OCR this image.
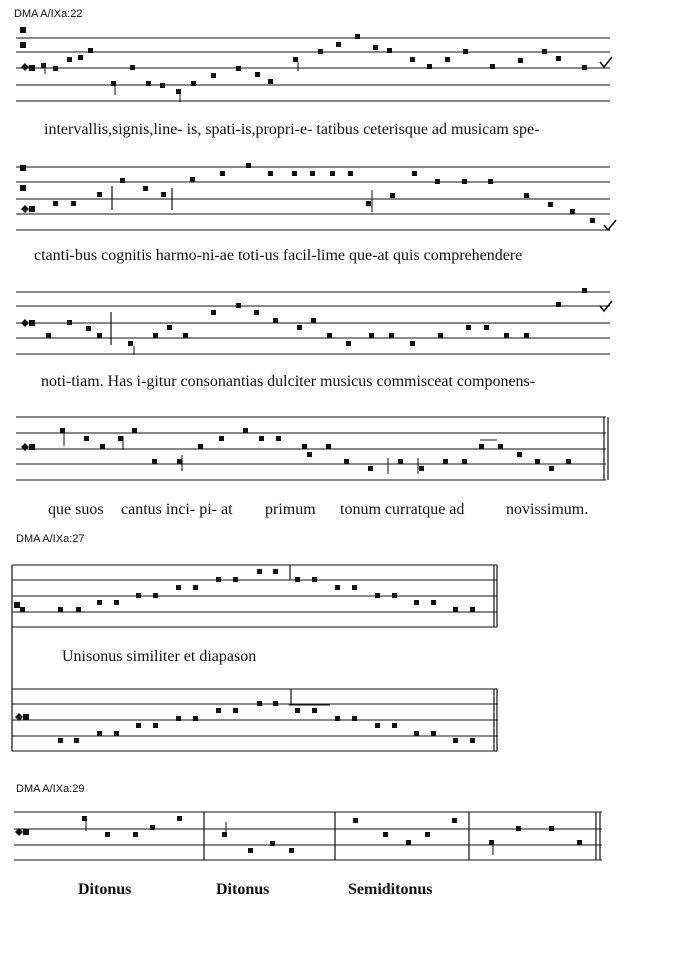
DMA A/IXa:22
DMA A/IXa:27
DMA A/IXa:29
intervallis,signis,line- is, spati-is,propri-e- tatibus ceterisque ad musicam spe-
ctanti-bus cognitis harmo-ni-ae toti-us facil-lime que-at quis comprehendere
noti-tiam. Has i-gitur consonantias dulciter musicus commisceat componens-
que suos cantus inci- pi- at primum tonum curratque ad	novissimum.
Unisonus similiter et diapason
Ditonus	Ditonus	Semiditonus
